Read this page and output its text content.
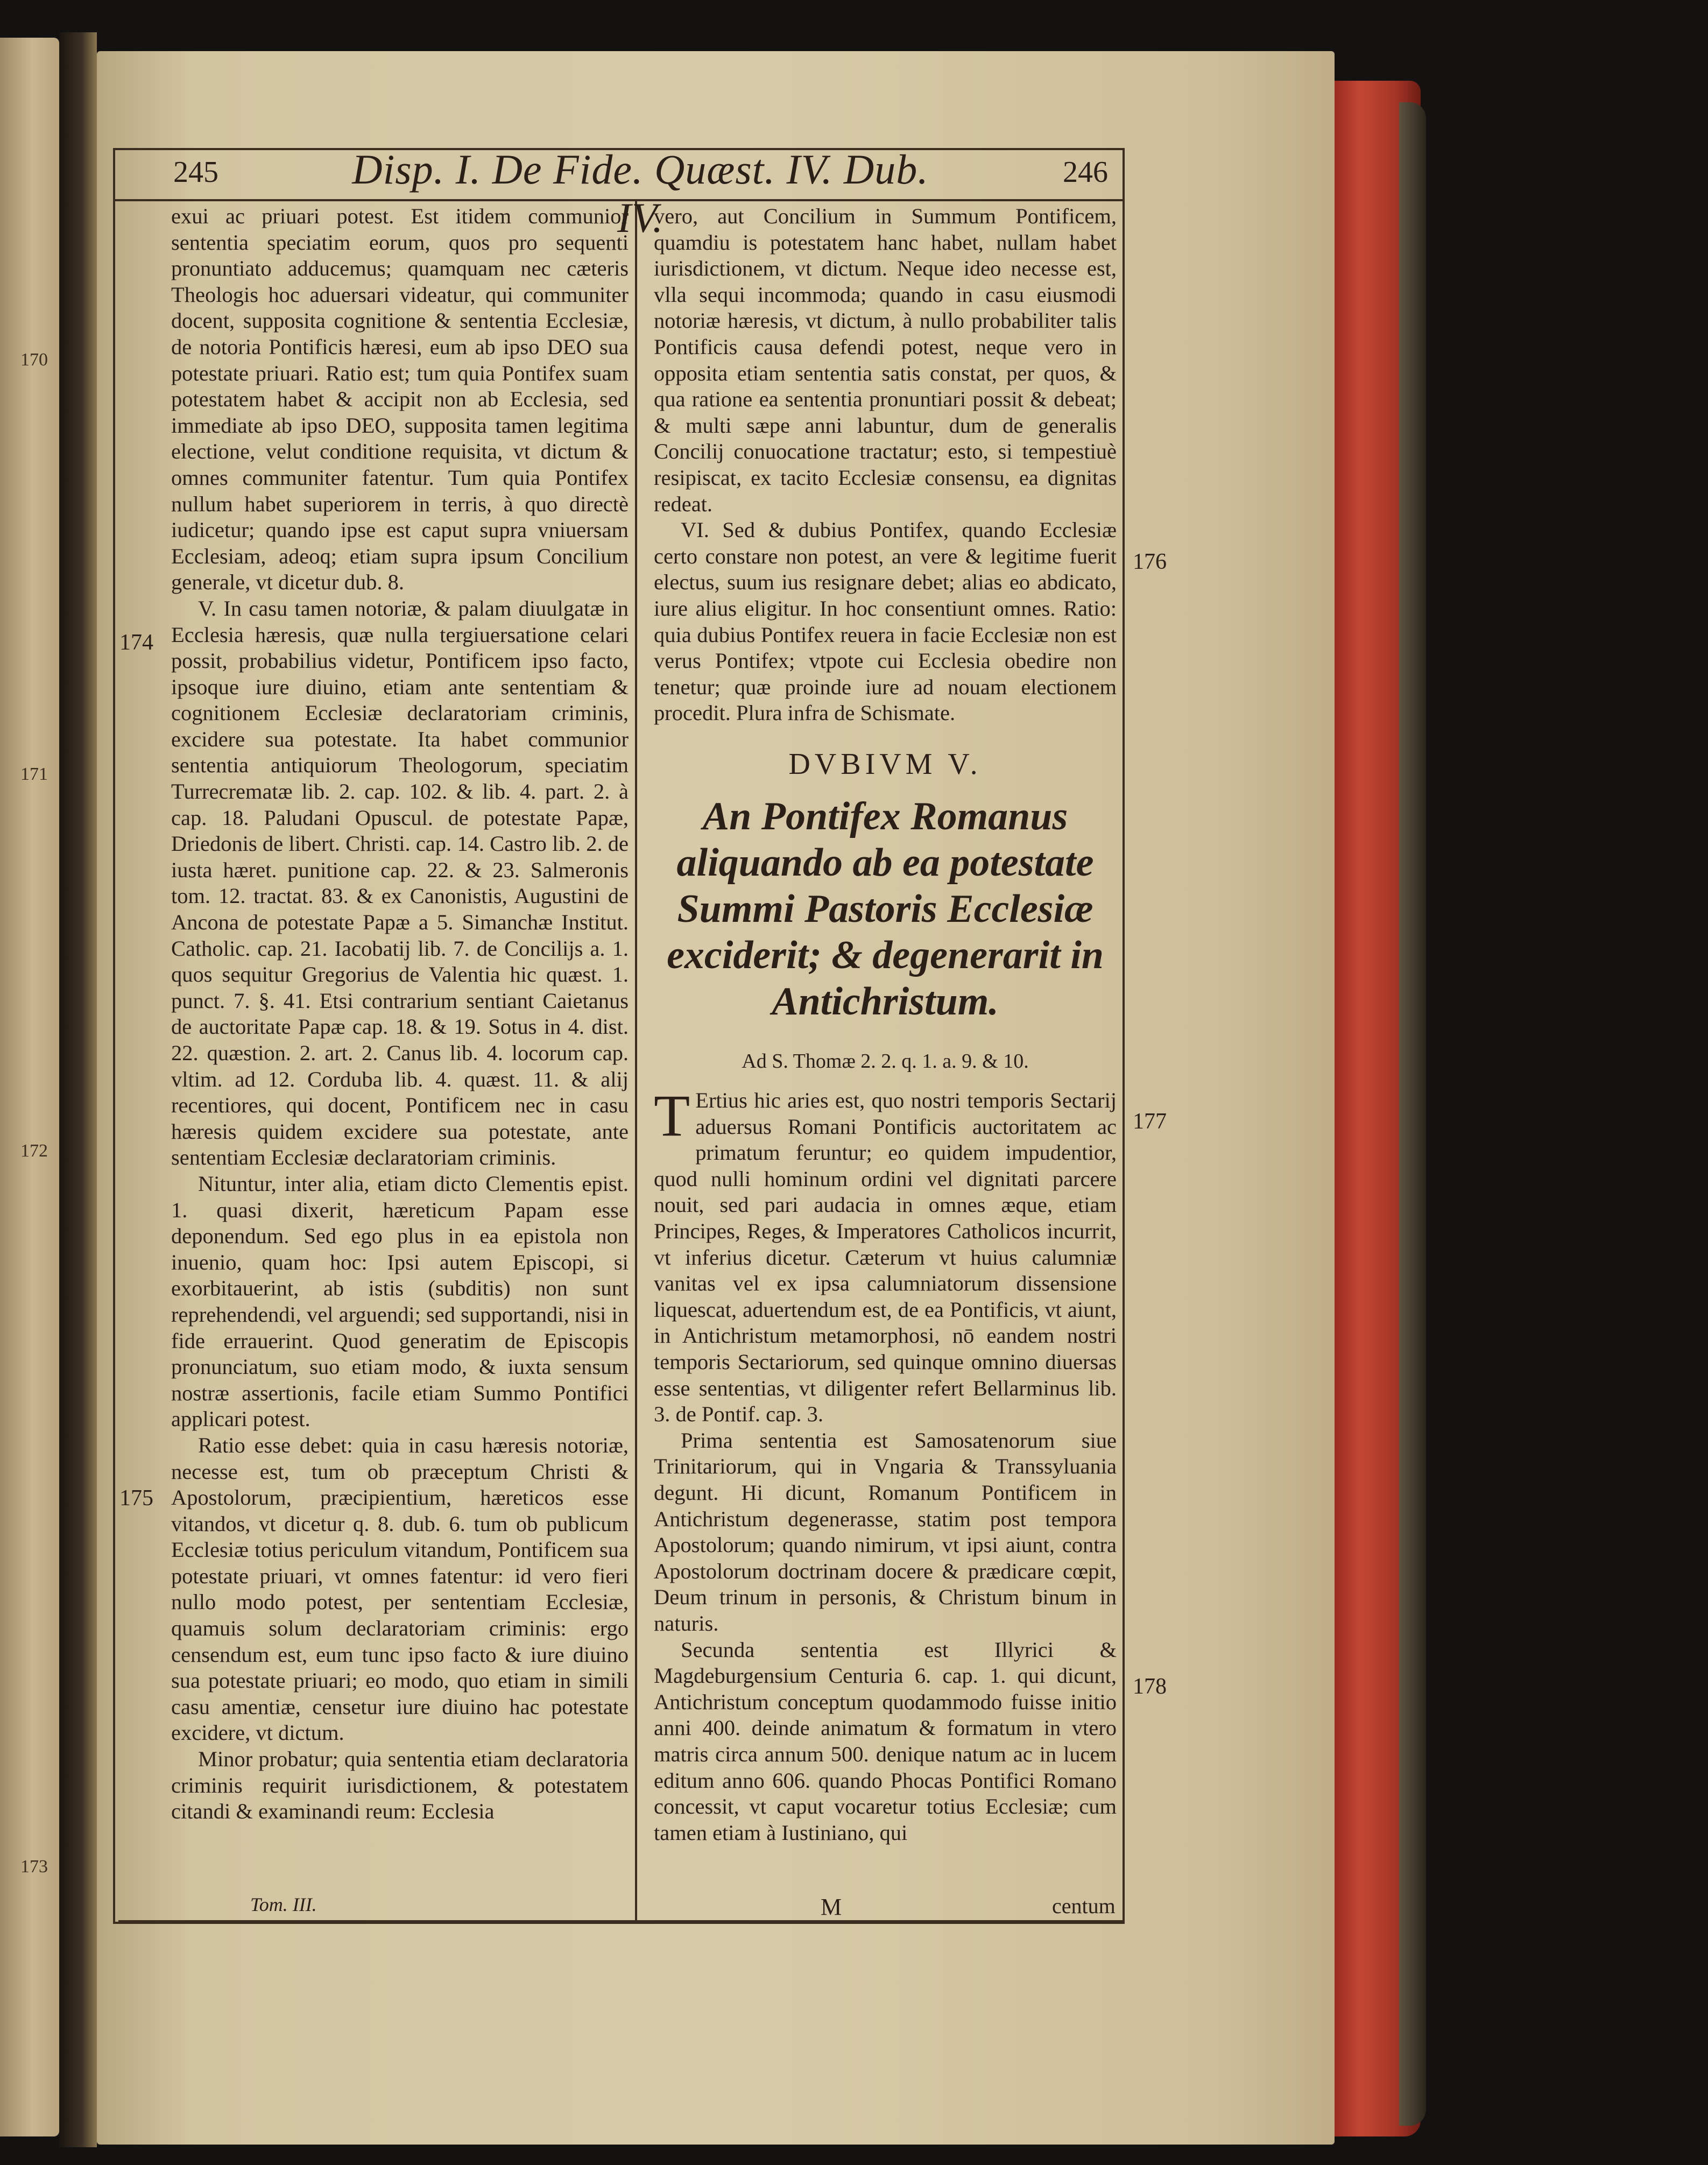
170
171
172
173
245	Disp. I. De Fide. Quæst. IV. Dub. IV.
246
174
175
176
177
178

exui ac priuari potest. Est itidem communior sententia speciatim eorum, quos pro sequenti pronuntiato adducemus; quamquam nec cæteris Theologis hoc aduersari videatur, qui communiter docent, supposita cognitione & sententia Ecclesiæ, de notoria Pontificis hæresi, eum ab ipso DEO sua potestate priuari. Ratio est; tum quia Pontifex suam potestatem habet & accipit non ab Ecclesia, sed immediate ab ipso DEO, supposita tamen legitima electione, velut conditione requisita, vt dictum & omnes communiter fatentur. Tum quia Pontifex nullum habet superiorem in terris, à quo directè iudicetur; quando ipse est caput supra vniuersam Ecclesiam, adeoq; etiam supra ipsum Concilium generale, vt dicetur dub. 8.

V. In casu tamen notoriæ, & palam diuulgatæ in Ecclesia hæresis, quæ nulla tergiuersatione celari possit, probabilius videtur, Pontificem ipso facto, ipsoque iure diuino, etiam ante sententiam & cognitionem Ecclesiæ declaratoriam criminis, excidere sua potestate. Ita habet communior sententia antiquiorum Theologorum, speciatim Turrecrematæ lib. 2. cap. 102. & lib. 4. part. 2. à cap. 18. Paludani Opuscul. de potestate Papæ, Driedonis de libert. Christi. cap. 14. Castro lib. 2. de iusta hæret. punitione cap. 22. & 23. Salmeronis tom. 12. tractat. 83. & ex Canonistis, Augustini de Ancona de potestate Papæ a 5. Simanchæ Institut. Catholic. cap. 21. Iacobatij lib. 7. de Concilijs a. 1. quos sequitur Gregorius de Valentia hic quæst. 1. punct. 7. §. 41. Etsi contrarium sentiant Caietanus de auctoritate Papæ cap. 18. & 19. Sotus in 4. dist. 22. quæstion. 2. art. 2. Canus lib. 4. locorum cap. vltim. ad 12. Corduba lib. 4. quæst. 11. & alij recentiores, qui docent, Pontificem nec in casu hæresis quidem excidere sua potestate, ante sententiam Ecclesiæ declaratoriam criminis.

Nituntur, inter alia, etiam dicto Clementis epist. 1. quasi dixerit, hæreticum Papam esse deponendum. Sed ego plus in ea epistola non inuenio, quam hoc: Ipsi autem Episcopi, si exorbitauerint, ab istis (subditis) non sunt reprehendendi, vel arguendi; sed supportandi, nisi in fide errauerint. Quod generatim de Episcopis pronunciatum, suo etiam modo, & iuxta sensum nostræ assertionis, facile etiam Summo Pontifici applicari potest.

Ratio esse debet: quia in casu hæresis notoriæ, necesse est, tum ob præceptum Christi & Apostolorum, præcipientium, hæreticos esse vitandos, vt dicetur q. 8. dub. 6. tum ob publicum Ecclesiæ totius periculum vitandum, Pontificem sua potestate priuari, vt omnes fatentur: id vero fieri nullo modo potest, per sententiam Ecclesiæ, quamuis solum declaratoriam criminis: ergo censendum est, eum tunc ipso facto & iure diuino sua potestate priuari; eo modo, quo etiam in simili casu amentiæ, censetur iure diuino hac potestate excidere, vt dictum.

Minor probatur; quia sententia etiam declaratoria criminis requirit iurisdictionem, & potestatem citandi & examinandi reum: Ecclesia

vero, aut Concilium in Summum Pontificem, quamdiu is potestatem hanc habet, nullam habet iurisdictionem, vt dictum. Neque ideo necesse est, vlla sequi incommoda; quando in casu eiusmodi notoriæ hæresis, vt dictum, à nullo probabiliter talis Pontificis causa defendi potest, neque vero in opposita etiam sententia satis constat, per quos, & qua ratione ea sententia pronuntiari possit & debeat; & multi sæpe anni labuntur, dum de generalis Concilij conuocatione tractatur; esto, si tempestiuè resipiscat, ex tacito Ecclesiæ consensu, ea dignitas redeat.

VI. Sed & dubius Pontifex, quando Ecclesiæ certo constare non potest, an vere & legitime fuerit electus, suum ius resignare debet; alias eo abdicato, iure alius eligitur. In hoc consentiunt omnes. Ratio: quia dubius Pontifex reuera in facie Ecclesiæ non est verus Pontifex; vtpote cui Ecclesia obedire non tenetur; quæ proinde iure ad nouam electionem procedit. Plura infra de Schismate.

DVBIVM V.

An Pontifex Romanus aliquando ab ea potestate Summi Pastoris Ecclesiæ exciderit; & degenerarit in Antichristum.

Ad S. Thomæ 2. 2. q. 1. a. 9. & 10.

T Ertius hic aries est, quo nostri temporis Sectarij aduersus Romani Pontificis auctoritatem ac primatum feruntur; eo quidem impudentior, quod nulli hominum ordini vel dignitati parcere nouit, sed pari audacia in omnes æque, etiam Principes, Reges, & Imperatores Catholicos incurrit, vt inferius dicetur. Cæterum vt huius calumniæ vanitas vel ex ipsa calumniatorum dissensione liquescat, aduertendum est, de ea Pontificis, vt aiunt, in Antichristum metamorphosi, nō eandem nostri temporis Sectariorum, sed quinque omnino diuersas esse sententias, vt diligenter refert Bellarminus lib. 3. de Pontif. cap. 3.

Prima sententia est Samosatenorum siue Trinitariorum, qui in Vngaria & Transsyluania degunt. Hi dicunt, Romanum Pontificem in Antichristum degenerasse, statim post tempora Apostolorum; quando nimirum, vt ipsi aiunt, contra Apostolorum doctrinam docere & prædicare cœpit, Deum trinum in personis, & Christum binum in naturis.

Secunda sententia est Illyrici & Magdeburgensium Centuria 6. cap. 1. qui dicunt, Antichristum conceptum quodammodo fuisse initio anni 400. deinde animatum & formatum in vtero matris circa annum 500. denique natum ac in lucem editum anno 606. quando Phocas Pontifici Romano concessit, vt caput vocaretur totius Ecclesiæ; cum tamen etiam à Iustiniano, qui

Tom. III.	M	centum
